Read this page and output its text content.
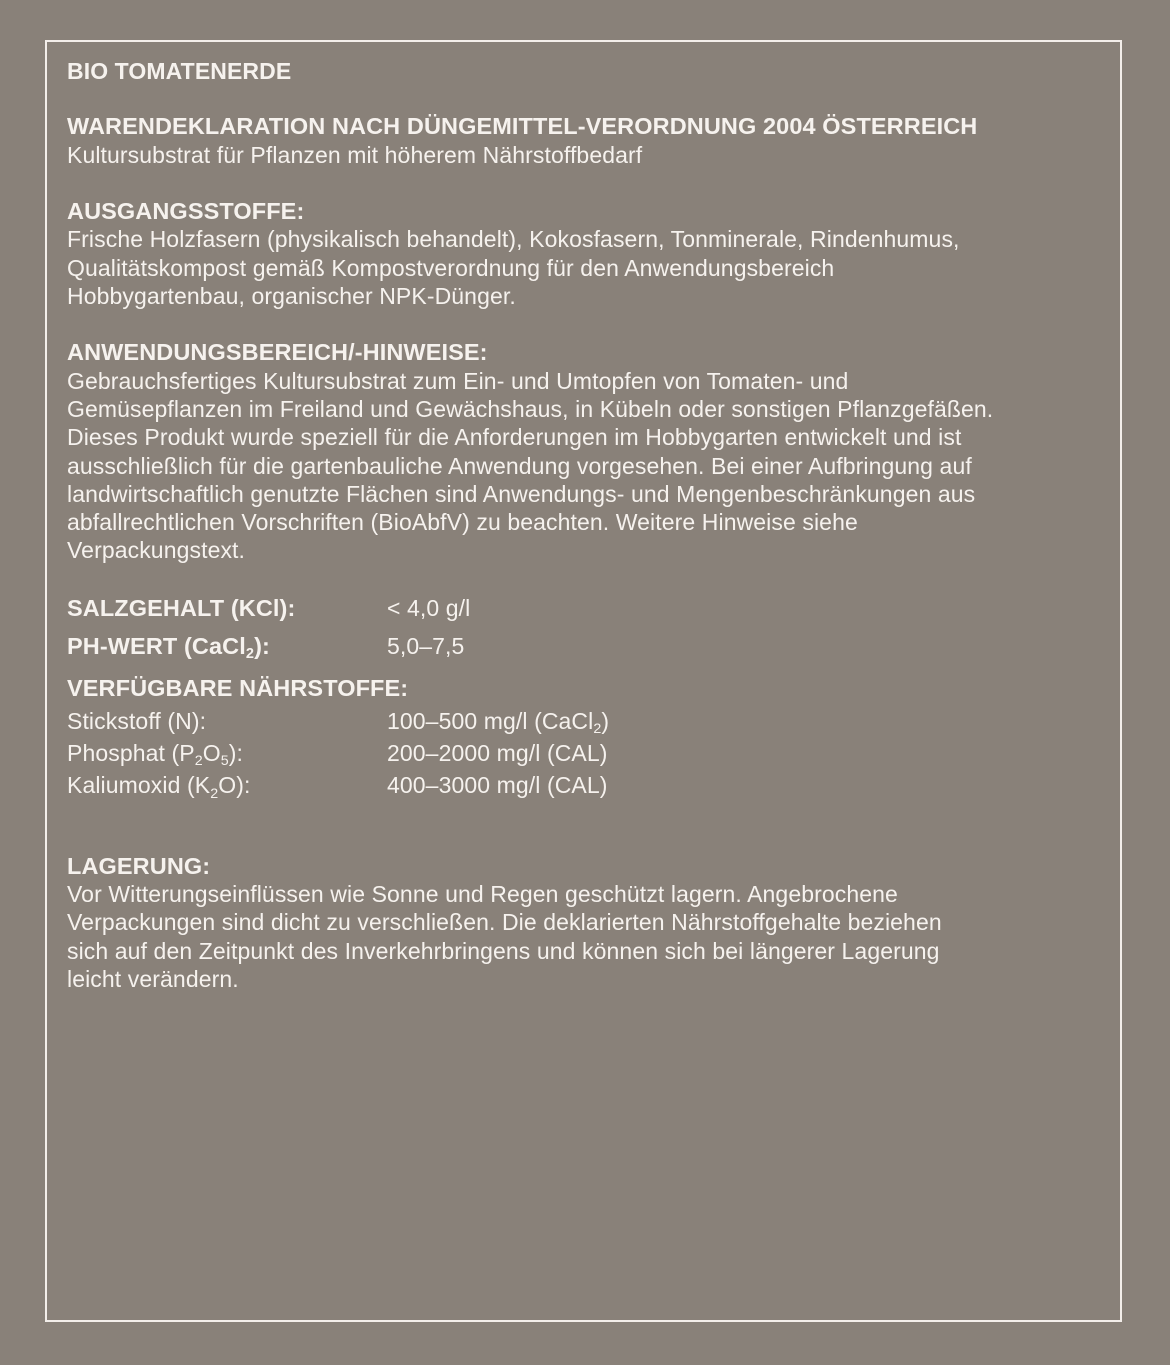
BIO TOMATENERDE

WARENDEKLARATION NACH DÜNGEMITTEL-VERORDNUNG 2004 ÖSTERREICH

Kultursubstrat für Pflanzen mit höherem Nährstoffbedarf

AUSGANGSSTOFFE:

Frische Holzfasern (physikalisch behandelt), Kokosfasern, Tonminerale, Rindenhumus,
Qualitätskompost gemäß Kompostverordnung für den Anwendungsbereich
Hobbygartenbau, organischer NPK-Dünger.

ANWENDUNGSBEREICH/-HINWEISE:

Gebrauchsfertiges Kultursubstrat zum Ein- und Umtopfen von Tomaten- und
Gemüsepflanzen im Freiland und Gewächshaus, in Kübeln oder sonstigen Pflanzgefäßen.
Dieses Produkt wurde speziell für die Anforderungen im Hobbygarten entwickelt und ist
ausschließlich für die gartenbauliche Anwendung vorgesehen. Bei einer Aufbringung auf
landwirtschaftlich genutzte Flächen sind Anwendungs- und Mengenbeschränkungen aus
abfallrechtlichen Vorschriften (BioAbfV) zu beachten. Weitere Hinweise siehe
Verpackungstext.
SALZGEHALT (KCl):	< 4,0 g/l
PH-WERT (CaCl2):	5,0–7,5

VERFÜGBARE NÄHRSTOFFE:

Stickstoff (N):	100–500 mg/l (CaCl2)
Phosphat (P2O5):	200–2000 mg/l (CAL)
Kaliumoxid (K2O):	400–3000 mg/l (CAL)

LAGERUNG:

Vor Witterungseinflüssen wie Sonne und Regen geschützt lagern. Angebrochene
Verpackungen sind dicht zu verschließen. Die deklarierten Nährstoffgehalte beziehen
sich auf den Zeitpunkt des Inverkehrbringens und können sich bei längerer Lagerung
leicht verändern.
